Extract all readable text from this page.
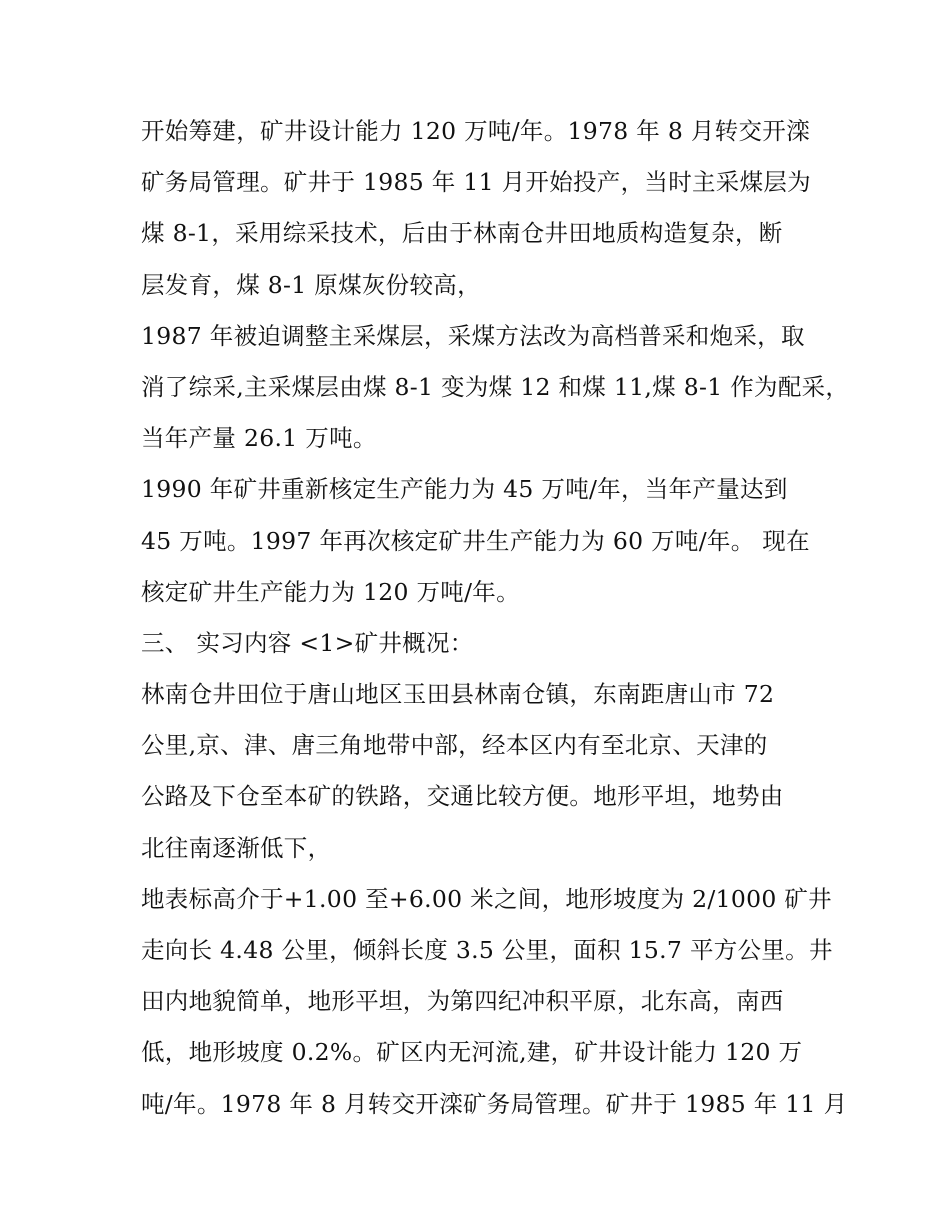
开始筹建，矿井设计能力 120 万吨/年。1978 年 8 月转交开滦
矿务局管理。矿井于 1985 年 11 月开始投产，当时主采煤层为
煤 8-1，采用综采技术，后由于林南仓井田地质构造复杂，断
层发育，煤 8-1 原煤灰份较高，
1987 年被迫调整主采煤层，采煤方法改为高档普采和炮采，取
消了综采,主采煤层由煤 8-1 变为煤 12 和煤 11,煤 8-1 作为配采，
当年产量 26.1 万吨。
1990 年矿井重新核定生产能力为 45 万吨/年，当年产量达到
45 万吨。1997 年再次核定矿井生产能力为 60 万吨/年。 现在
核定矿井生产能力为 120 万吨/年。
三、 实习内容 <1>矿井概况：
林南仓井田位于唐山地区玉田县林南仓镇，东南距唐山市 72
公里,京、津、唐三角地带中部，经本区内有至北京、天津的
公路及下仓至本矿的铁路，交通比较方便。地形平坦，地势由
北往南逐渐低下，
地表标高介于+1.00 至+6.00 米之间，地形坡度为 2/1000 矿井
走向长 4.48 公里，倾斜长度 3.5 公里，面积 15.7 平方公里。井
田内地貌简单，地形平坦，为第四纪冲积平原，北东高，南西
低，地形坡度 0.2%。矿区内无河流,建，矿井设计能力 120 万
吨/年。1978 年 8 月转交开滦矿务局管理。矿井于 1985 年 11 月
